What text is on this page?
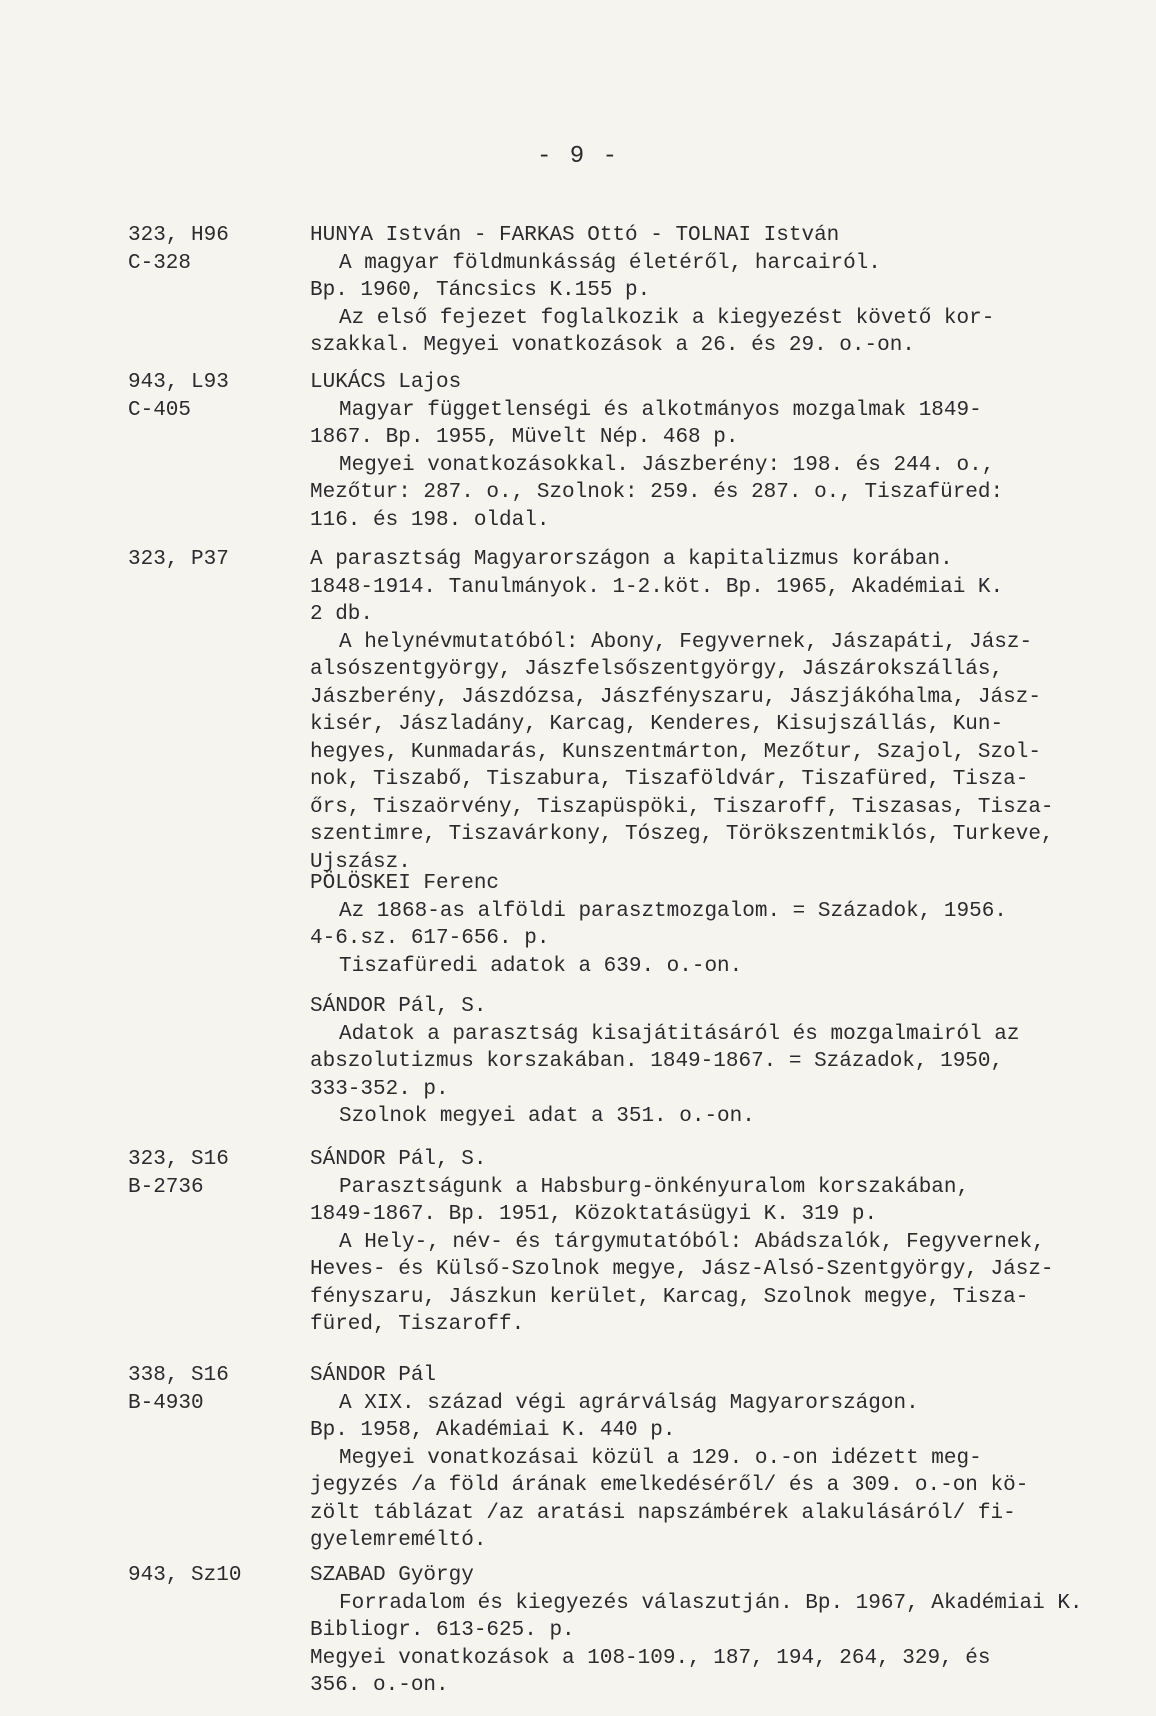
- 9 -
323, H96
C-328
HUNYA István - FARKAS Ottó - TOLNAI István
A magyar földmunkásság életéről, harcairól.
Bp. 1960, Táncsics K.155 p.
Az első fejezet foglalkozik a kiegyezést követő kor-
szakkal. Megyei vonatkozások a 26. és 29. o.-on.
943, L93
C-405
LUKÁCS Lajos
Magyar függetlenségi és alkotmányos mozgalmak 1849-
1867. Bp. 1955, Müvelt Nép. 468 p.
Megyei vonatkozásokkal. Jászberény: 198. és 244. o.,
Mezőtur: 287. o., Szolnok: 259. és 287. o., Tiszafüred:
116. és 198. oldal.
323, P37	A parasztság Magyarországon a kapitalizmus korában.
1848-1914. Tanulmányok. 1-2.köt. Bp. 1965, Akadémiai K.
2 db.
A helynévmutatóból: Abony, Fegyvernek, Jászapáti, Jász-
alsószentgyörgy, Jászfelsőszentgyörgy, Jászárokszállás,
Jászberény, Jászdózsa, Jászfényszaru, Jászjákóhalma, Jász-
kisér, Jászladány, Karcag, Kenderes, Kisujszállás, Kun-
hegyes, Kunmadarás, Kunszentmárton, Mezőtur, Szajol, Szol-
nok, Tiszabő, Tiszabura, Tiszaföldvár, Tiszafüred, Tisza-
őrs, Tiszaörvény, Tiszapüspöki, Tiszaroff, Tiszasas, Tisza-
szentimre, Tiszavárkony, Tószeg, Törökszentmiklós, Turkeve,
Ujszász.
PÖLÖSKEI Ferenc
Az 1868-as alföldi parasztmozgalom. = Századok, 1956.
4-6.sz. 617-656. p.
Tiszafüredi adatok a 639. o.-on.
SÁNDOR Pál, S.
Adatok a parasztság kisajátitásáról és mozgalmairól az
abszolutizmus korszakában. 1849-1867. = Századok, 1950,
333-352. p.
Szolnok megyei adat a 351. o.-on.
323, S16
B-2736
SÁNDOR Pál, S.
Parasztságunk a Habsburg-önkényuralom korszakában,
1849-1867. Bp. 1951, Közoktatásügyi K. 319 p.
A Hely-, név- és tárgymutatóból: Abádszalók, Fegyvernek,
Heves- és Külső-Szolnok megye, Jász-Alsó-Szentgyörgy, Jász-
fényszaru, Jászkun kerület, Karcag, Szolnok megye, Tisza-
füred, Tiszaroff.
338, S16
B-4930
SÁNDOR Pál
A XIX. század végi agrárválság Magyarországon.
Bp. 1958, Akadémiai K. 440 p.
Megyei vonatkozásai közül a 129. o.-on idézett meg-
jegyzés /a föld árának emelkedéséről/ és a 309. o.-on kö-
zölt táblázat /az aratási napszámbérek alakulásáról/ fi-
gyelemreméltó.
943, Sz10	SZABAD György
Forradalom és kiegyezés válaszutján. Bp. 1967, Akadémiai K.
Bibliogr. 613-625. p.
Megyei vonatkozások a 108-109., 187, 194, 264, 329, és
356. o.-on.
